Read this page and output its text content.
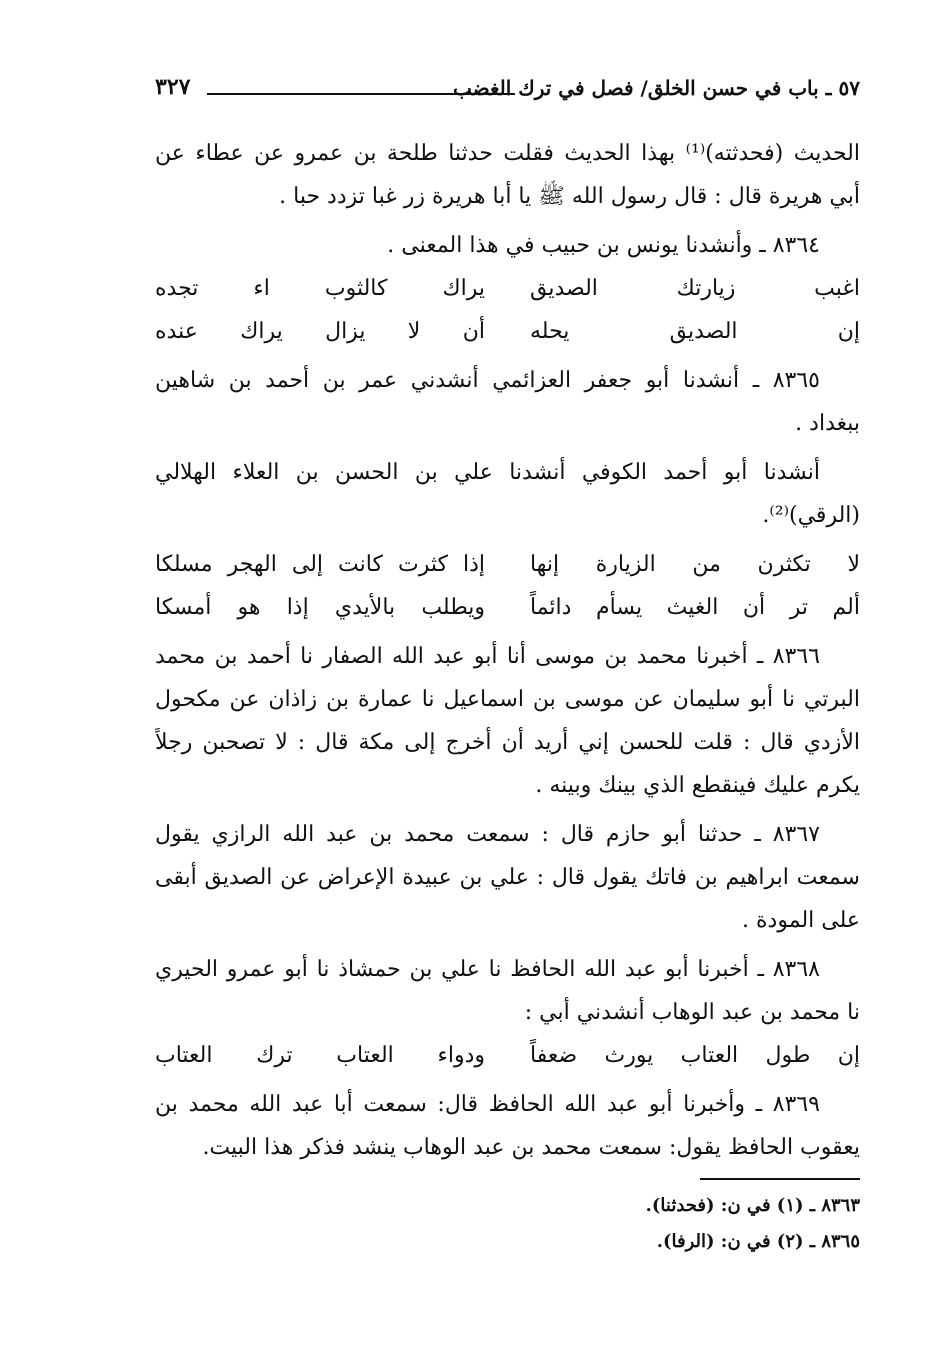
٥٧ ـ باب في حسن الخلق/ فصل في ترك الغضب
٣٢٧
الحديث (فحدثته)⁽¹⁾ بهذا الحديث فقلت حدثنا طلحة بن عمرو عن عطاء عن
أبي هريرة قال : قال رسول الله ﷺ يا أبا هريرة زر غبا تزدد حبا .
٨٣٦٤ ـ وأنشدنا يونس بن حبيب في هذا المعنى .
اغبب زيارتك الصديق
يراك كالثوب اء تجده
إن الصديق يحله
أن لا يزال يراك عنده
٨٣٦٥ ـ أنشدنا أبو جعفر العزائمي أنشدني عمر بن أحمد بن شاهين
ببغداد .
أنشدنا أبو أحمد الكوفي أنشدنا علي بن الحسن بن العلاء الهلالي
(الرقي)⁽²⁾.
لا تكثرن من الزيارة إنها
إذا كثرت كانت إلى الهجر مسلكا
ألم تر أن الغيث يسأم دائماً
ويطلب بالأيدي إذا هو أمسكا
٨٣٦٦ ـ أخبرنا محمد بن موسى أنا أبو عبد الله الصفار نا أحمد بن محمد
البرتي نا أبو سليمان عن موسى بن اسماعيل نا عمارة بن زاذان عن مكحول
الأزدي قال : قلت للحسن إني أريد أن أخرج إلى مكة قال : لا تصحبن رجلاً
يكرم عليك فينقطع الذي بينك وبينه .
٨٣٦٧ ـ حدثنا أبو حازم قال : سمعت محمد بن عبد الله الرازي يقول
سمعت ابراهيم بن فاتك يقول قال : علي بن عبيدة الإعراض عن الصديق أبقى
على المودة .
٨٣٦٨ ـ أخبرنا أبو عبد الله الحافظ نا علي بن حمشاذ نا أبو عمرو الحيري
نا محمد بن عبد الوهاب أنشدني أبي :
إن طول العتاب يورث ضعفاً
ودواء العتاب ترك العتاب
٨٣٦٩ ـ وأخبرنا أبو عبد الله الحافظ قال: سمعت أبا عبد الله محمد بن
يعقوب الحافظ يقول: سمعت محمد بن عبد الوهاب ينشد فذكر هذا البيت.
٨٣٦٣ ـ (١) في ن: (فحدثنا).
٨٣٦٥ ـ (٢) في ن: (الرفا).
